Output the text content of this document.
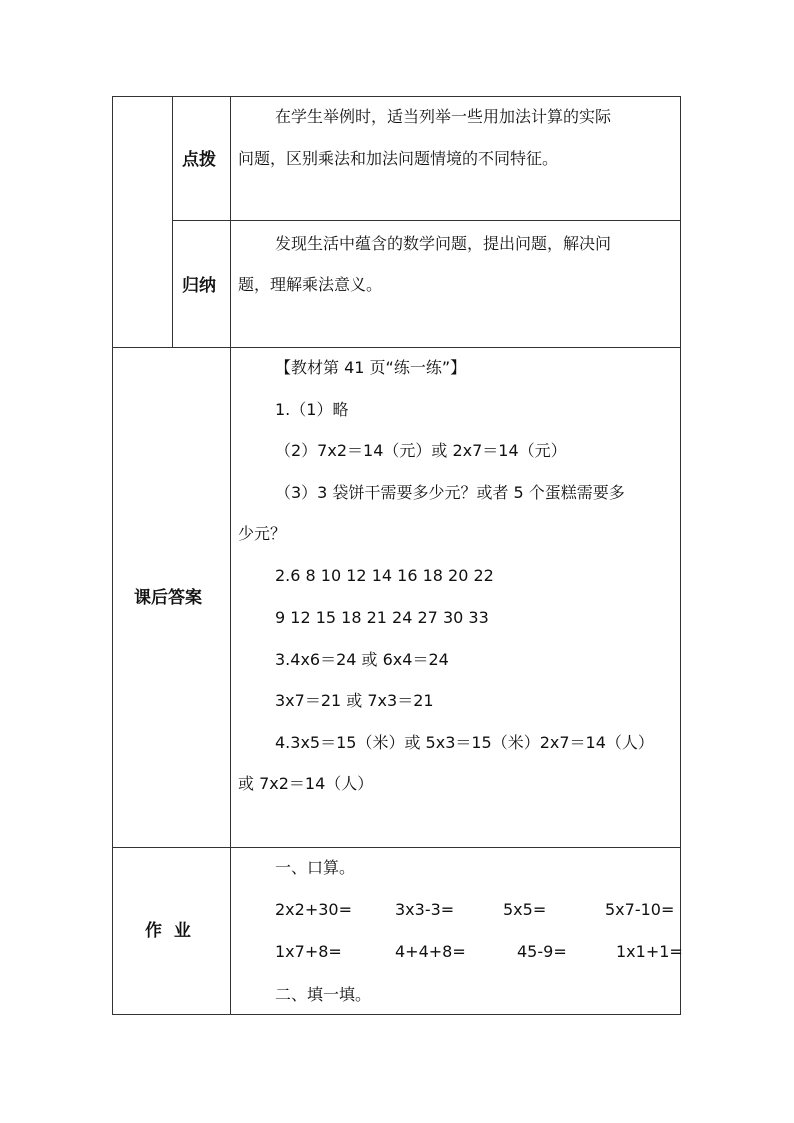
点拨
在学生举例时，适当列举一些用加法计算的实际
问题，区别乘法和加法问题情境的不同特征。
归纳
发现生活中蕴含的数学问题，提出问题，解决问
题，理解乘法意义。
课后答案
【教材第 41 页“练一练”】
1.（1）略
（2）7x2＝14（元）或 2x7＝14（元）
（3）3 袋饼干需要多少元？或者 5 个蛋糕需要多
少元？
2.6 8 10 12 14 16 18 20 22
9 12 15 18 21 24 27 30 33
3.4x6＝24 或 6x4＝24
3x7＝21 或 7x3＝21
4.3x5＝15（米）或 5x3＝15（米）2x7＝14（人）
或 7x2＝14（人）
作  业
一、口算。
2x2+30=	3x3-3=	5x5=	5x7-10=
1x7+8=	4+4+8=	45-9=	1x1+1=
二、填一填。
